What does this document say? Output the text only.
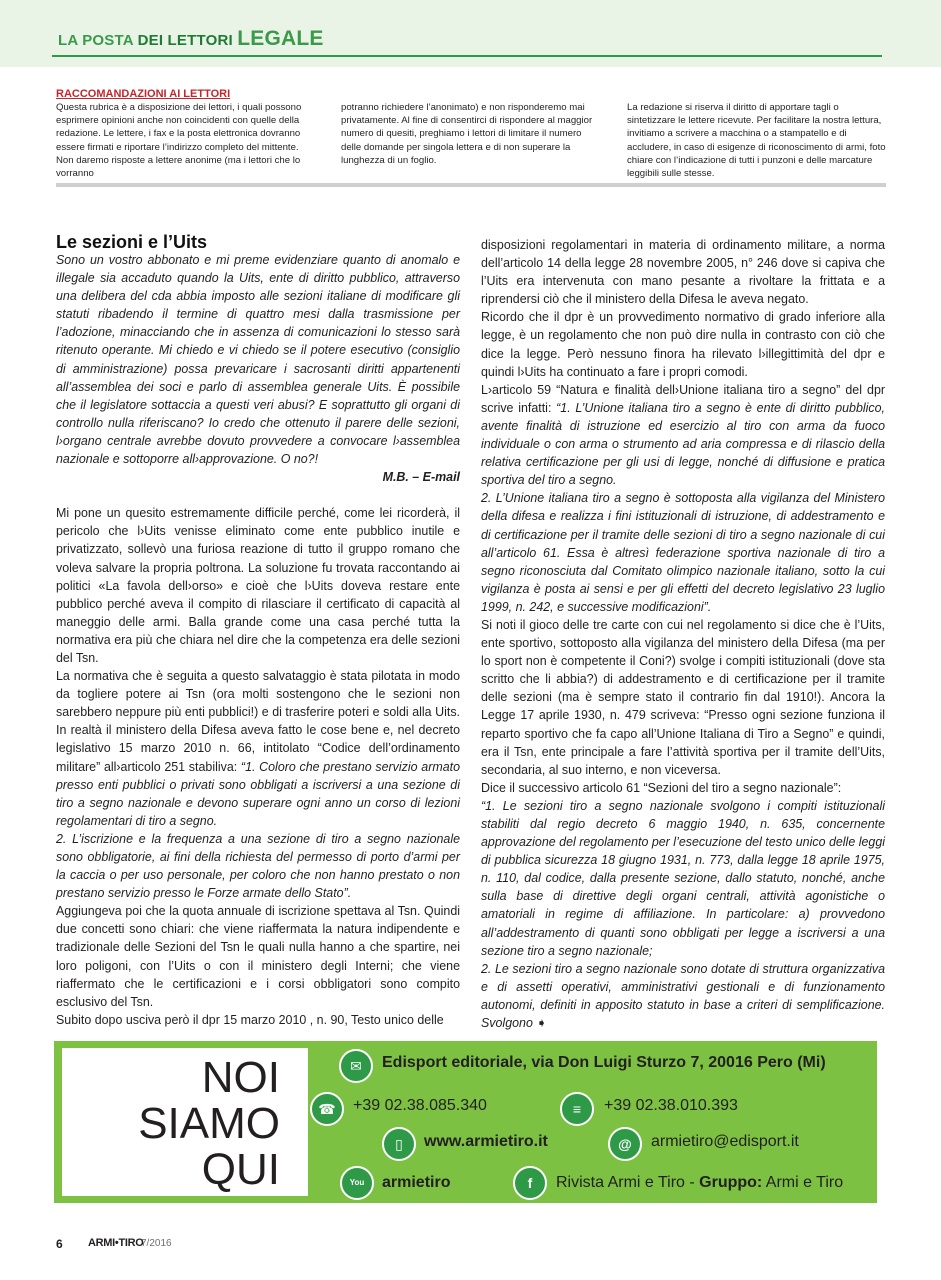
LA POSTA DEI LETTORI LEGALE
RACCOMANDAZIONI AI LETTORI
Questa rubrica è a disposizione dei lettori, i quali possono esprimere opinioni anche non coincidenti con quelle della redazione. Le lettere, i fax e la posta elettronica dovranno essere firmati e riportare l’indirizzo completo del mittente. Non daremo risposte a lettere anonime (ma i lettori che lo vorranno
potranno richiedere l’anonimato) e non risponderemo mai privatamente. Al fine di consentirci di rispondere al maggior numero di quesiti, preghiamo i lettori di limitare il numero delle domande per singola lettera e di non superare la lunghezza di un foglio.
La redazione si riserva il diritto di apportare tagli o sintetizzare le lettere ricevute. Per facilitare la nostra lettura, invitiamo a scrivere a macchina o a stampatello e di accludere, in caso di esigenze di riconoscimento di armi, foto chiare con l’indicazione di tutti i punzoni e delle marcature leggibili sulle stesse.
Le sezioni e l’Uits

Sono un vostro abbonato e mi preme evidenziare quanto di anomalo e illegale sia accaduto quando la Uits, ente di diritto pubblico, attraverso una delibera del cda abbia imposto alle sezioni italiane di modificare gli statuti ribadendo il termine di quattro mesi dalla trasmissione per l’adozione, minacciando che in assenza di comunicazioni lo stesso sarà ritenuto operante. Mi chiedo e vi chiedo se il potere esecutivo (consiglio di amministrazione) possa prevaricare i sacrosanti diritti appartenenti all’assemblea dei soci e parlo di assemblea generale Uits. È possibile che il legislatore sottaccia a questi veri abusi? E soprattutto gli organi di controllo nulla riferiscano? Io credo che ottenuto il parere delle sezioni, l›organo centrale avrebbe dovuto provvedere a convocare l›assemblea nazionale e sottoporre all›approvazione. O no?!

M.B. – E-mail

Mi pone un quesito estremamente difficile perché, come lei ricorderà, il pericolo che l›Uits venisse eliminato come ente pubblico inutile e privatizzato, sollevò una furiosa reazione di tutto il gruppo romano che voleva salvare la propria poltrona. La soluzione fu trovata raccontando ai politici «La favola dell›orso» e cioè che l›Uits doveva restare ente pubblico perché aveva il compito di rilasciare il certificato di capacità al maneggio delle armi. Balla grande come una casa perché tutta la normativa era più che chiara nel dire che la competenza era delle sezioni del Tsn.

La normativa che è seguita a questo salvataggio è stata pilotata in modo da togliere potere ai Tsn (ora molti sostengono che le sezioni non sarebbero neppure più enti pubblici!) e di trasferire poteri e soldi alla Uits. In realtà il ministero della Difesa aveva fatto le cose bene e, nel decreto legislativo 15 marzo 2010 n. 66, intitolato “Codice dell’ordinamento militare” all›articolo 251 stabiliva: “1. Coloro che prestano servizio armato presso enti pubblici o privati sono obbligati a iscriversi a una sezione di tiro a segno nazionale e devono superare ogni anno un corso di lezioni regolamentari di tiro a segno.

2. L’iscrizione e la frequenza a una sezione di tiro a segno nazionale sono obbligatorie, ai fini della richiesta del permesso di porto d’armi per la caccia o per uso personale, per coloro che non hanno prestato o non prestano servizio presso le Forze armate dello Stato”.

Aggiungeva poi che la quota annuale di iscrizione spettava al Tsn. Quindi due concetti sono chiari: che viene riaffermata la natura indipendente e tradizionale delle Sezioni del Tsn le quali nulla hanno a che spartire, nei loro poligoni, con l’Uits o con il ministero degli Interni; che viene riaffermato che le certificazioni e i corsi obbligatori sono compito esclusivo del Tsn.

Subito dopo usciva però il dpr 15 marzo 2010 , n. 90, Testo unico delle

disposizioni regolamentari in materia di ordinamento militare, a norma dell’articolo 14 della legge 28 novembre 2005, n° 246 dove si capiva che l’Uits era intervenuta con mano pesante a rivoltare la frittata e a riprendersi ciò che il ministero della Difesa le aveva negato.

Ricordo che il dpr è un provvedimento normativo di grado inferiore alla legge, è un regolamento che non può dire nulla in contrasto con ciò che dice la legge. Però nessuno finora ha rilevato l›illegittimità del dpr e quindi l›Uits ha continuato a fare i propri comodi.

L›articolo 59 “Natura e finalità dell›Unione italiana tiro a segno” del dpr scrive infatti: “1. L’Unione italiana tiro a segno è ente di diritto pubblico, avente finalità di istruzione ed esercizio al tiro con arma da fuoco individuale o con arma o strumento ad aria compressa e di rilascio della relativa certificazione per gli usi di legge, nonché di diffusione e pratica sportiva del tiro a segno.

2. L’Unione italiana tiro a segno è sottoposta alla vigilanza del Ministero della difesa e realizza i fini istituzionali di istruzione, di addestramento e di certificazione per il tramite delle sezioni di tiro a segno nazionale di cui all’articolo 61. Essa è altresì federazione sportiva nazionale di tiro a segno riconosciuta dal Comitato olimpico nazionale italiano, sotto la cui vigilanza è posta ai sensi e per gli effetti del decreto legislativo 23 luglio 1999, n. 242, e successive modificazioni”.

Si noti il gioco delle tre carte con cui nel regolamento si dice che è l’Uits, ente sportivo, sottoposto alla vigilanza del ministero della Difesa (ma per lo sport non è competente il Coni?) svolge i compiti istituzionali (dove sta scritto che li abbia?) di addestramento e di certificazione per il tramite delle sezioni (ma è sempre stato il contrario fin dal 1910!). Ancora la Legge 17 aprile 1930, n. 479 scriveva: “Presso ogni sezione funziona il reparto sportivo che fa capo all’Unione Italiana di Tiro a Segno” e quindi, era il Tsn, ente principale a fare l’attività sportiva per il tramite dell’Uits, secondaria, al suo interno, e non viceversa.

Dice il successivo articolo 61 “Sezioni del tiro a segno nazionale”:

“1. Le sezioni tiro a segno nazionale svolgono i compiti istituzionali stabiliti dal regio decreto 6 maggio 1940, n. 635, concernente approvazione del regolamento per l’esecuzione del testo unico delle leggi di pubblica sicurezza 18 giugno 1931, n. 773, dalla legge 18 aprile 1975, n. 110, dal codice, dalla presente sezione, dallo statuto, nonché, anche sulla base di direttive degli organi centrali, attività agonistiche o amatoriali in regime di affiliazione. In particolare: a) provvedono all’addestramento di quanti sono obbligati per legge a iscriversi a una sezione tiro a segno nazionale;

2. Le sezioni tiro a segno nazionale sono dotate di struttura organizzativa e di assetti operativi, amministrativi gestionali e di funzionamento autonomi, definiti in apposito statuto in base a criteri di semplificazione. Svolgono ➧

NOI
SIAMO
QUI
✉	Edisport editoriale, via Don Luigi Sturzo 7, 20016 Pero (Mi)
☎	+39 02.38.085.340	≡	+39 02.38.010.393
▯	www.armietiro.it	@	armietiro@edisport.it
You Tube
armietiro	f	Rivista Armi e Tiro - Gruppo: Armi e Tiro
6 ARMI•TIRO
7/2016
